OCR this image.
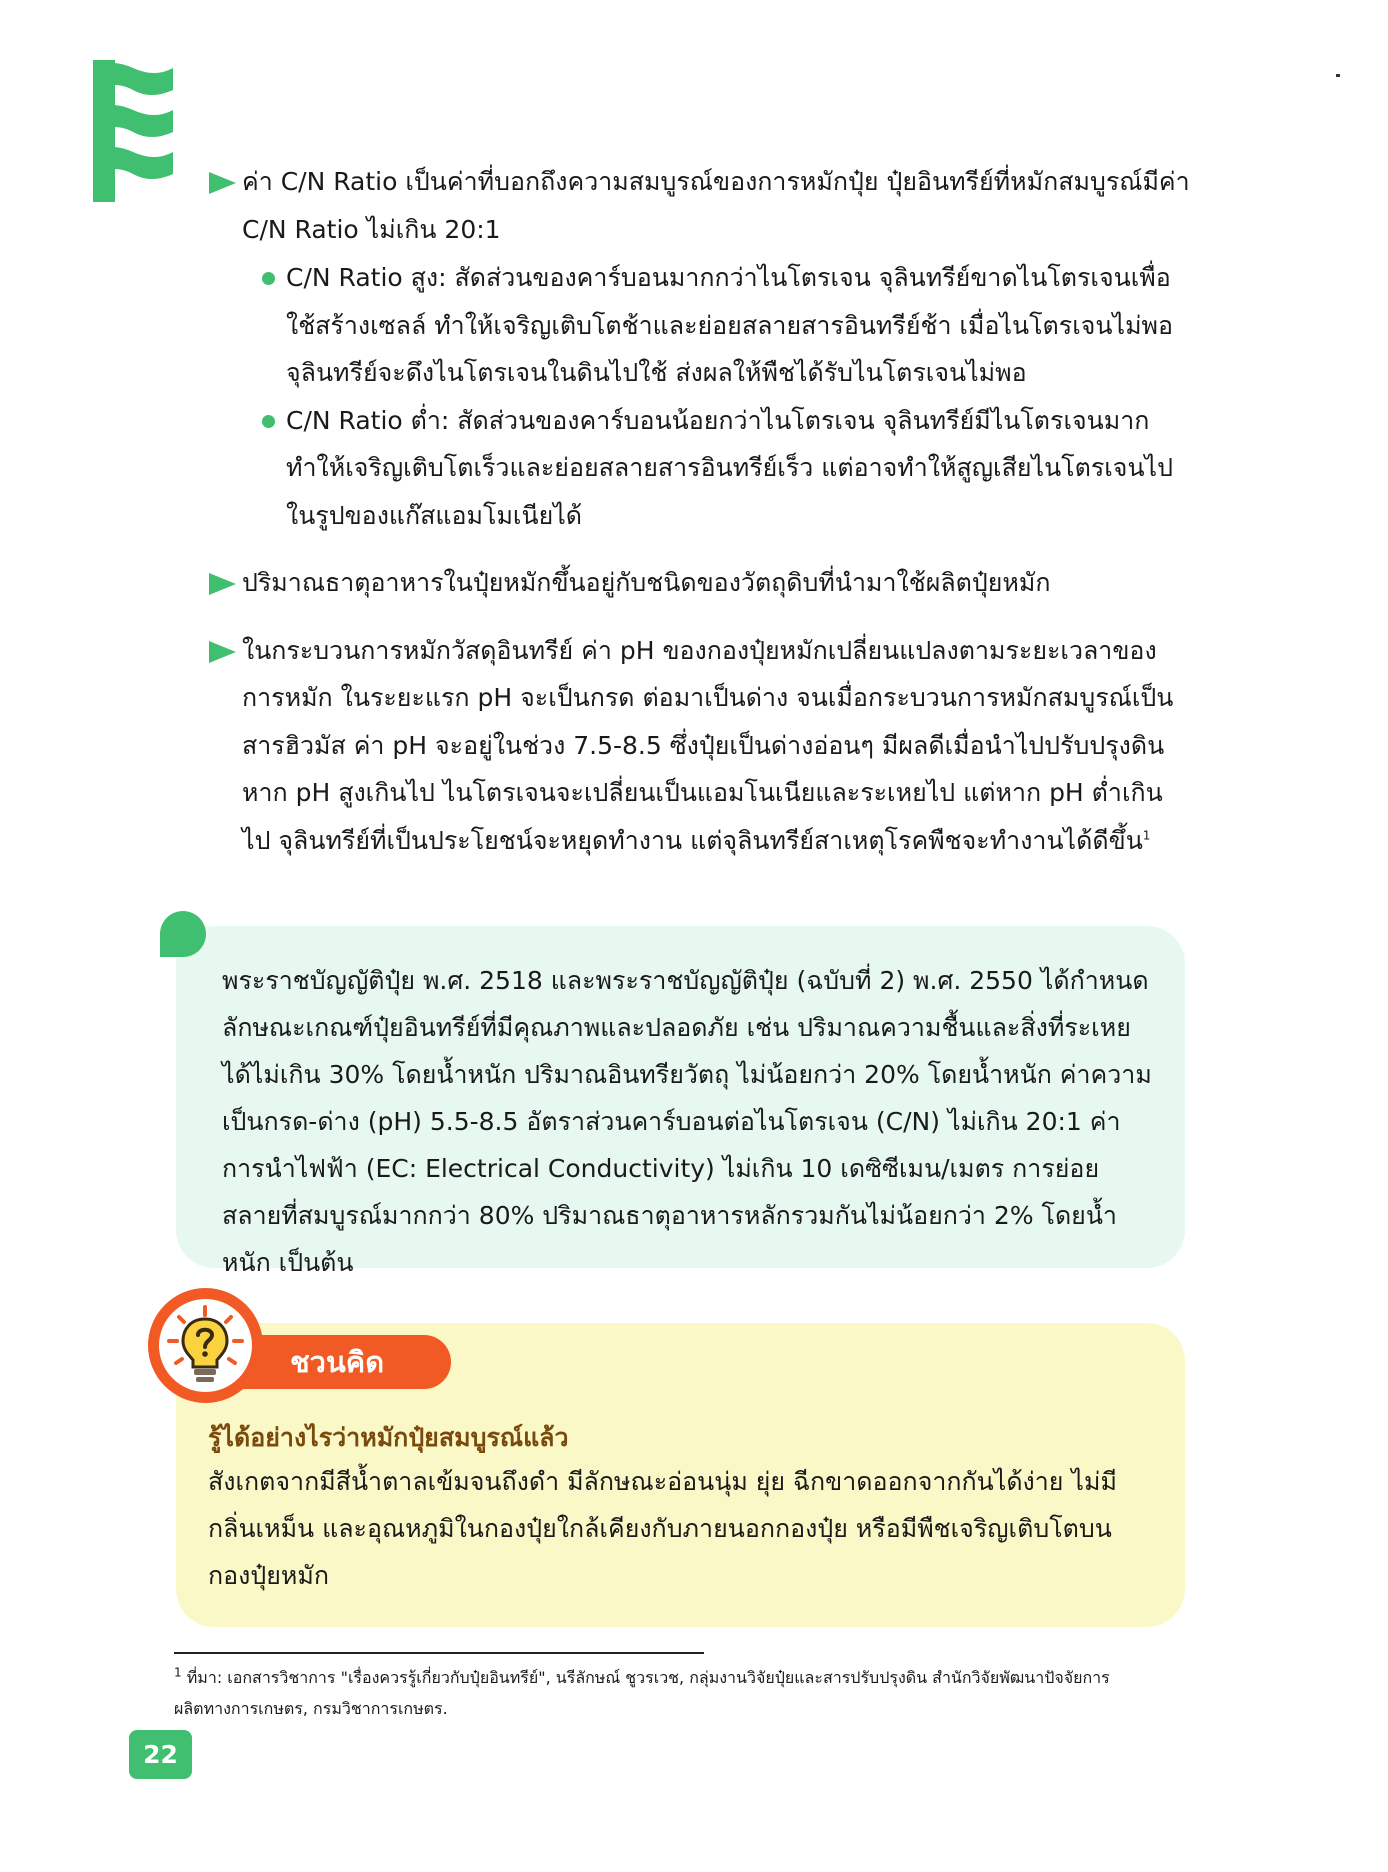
ค่า C/N Ratio เป็นค่าที่บอกถึงความสมบูรณ์ของการหมักปุ๋ย ปุ๋ยอินทรีย์ที่หมักสมบูรณ์มีค่า C/N Ratio ไม่เกิน 20:1

C/N Ratio สูง: สัดส่วนของคาร์บอนมากกว่าไนโตรเจน จุลินทรีย์ขาดไนโตรเจนเพื่อใช้สร้างเซลล์ ทำให้เจริญเติบโตช้าและย่อยสลายสารอินทรีย์ช้า เมื่อไนโตรเจนไม่พอ จุลินทรีย์จะดึงไนโตรเจนในดินไปใช้ ส่งผลให้พืชได้รับไนโตรเจนไม่พอ

C/N Ratio ต่ำ: สัดส่วนของคาร์บอนน้อยกว่าไนโตรเจน จุลินทรีย์มีไนโตรเจนมาก ทำให้เจริญเติบโตเร็วและย่อยสลายสารอินทรีย์เร็ว แต่อาจทำให้สูญเสียไนโตรเจนไปในรูปของแก๊สแอมโมเนียได้

ปริมาณธาตุอาหารในปุ๋ยหมักขึ้นอยู่กับชนิดของวัตถุดิบที่นำมาใช้ผลิตปุ๋ยหมัก

ในกระบวนการหมักวัสดุอินทรีย์ ค่า pH ของกองปุ๋ยหมักเปลี่ยนแปลงตามระยะเวลาของการหมัก ในระยะแรก pH จะเป็นกรด ต่อมาเป็นด่าง จนเมื่อกระบวนการหมักสมบูรณ์เป็นสารฮิวมัส ค่า pH จะอยู่ในช่วง 7.5-8.5 ซึ่งปุ๋ยเป็นด่างอ่อนๆ มีผลดีเมื่อนำไปปรับปรุงดิน หาก pH สูงเกินไป ไนโตรเจนจะเปลี่ยนเป็นแอมโนเนียและระเหยไป แต่หาก pH ต่ำเกินไป จุลินทรีย์ที่เป็นประโยชน์จะหยุดทำงาน แต่จุลินทรีย์สาเหตุโรคพืชจะทำงานได้ดีขึ้น$^1$

พระราชบัญญัติปุ๋ย พ.ศ. 2518 และพระราชบัญญัติปุ๋ย (ฉบับที่ 2) พ.ศ. 2550 ได้กำหนดลักษณะเกณฑ์ปุ๋ยอินทรีย์ที่มีคุณภาพและปลอดภัย เช่น ปริมาณความชื้นและสิ่งที่ระเหยได้ไม่เกิน 30% โดยน้ำหนัก ปริมาณอินทรียวัตถุ ไม่น้อยกว่า 20% โดยน้ำหนัก ค่าความเป็นกรด-ด่าง (pH) 5.5-8.5 อัตราส่วนคาร์บอนต่อไนโตรเจน (C/N) ไม่เกิน 20:1 ค่าการนำไฟฟ้า (EC: Electrical Conductivity) ไม่เกิน 10 เดซิซีเมน/เมตร การย่อยสลายที่สมบูรณ์มากกว่า 80% ปริมาณธาตุอาหารหลักรวมกันไม่น้อยกว่า 2% โดยน้ำหนัก เป็นต้น
ชวนคิด
รู้ได้อย่างไรว่าหมักปุ๋ยสมบูรณ์แล้ว
สังเกตจากมีสีน้ำตาลเข้มจนถึงดำ มีลักษณะอ่อนนุ่ม ยุ่ย ฉีกขาดออกจากกันได้ง่าย ไม่มีกลิ่นเหม็น และอุณหภูมิในกองปุ๋ยใกล้เคียงกับภายนอกกองปุ๋ย หรือมีพืชเจริญเติบโตบนกองปุ๋ยหมัก
$^1$ ที่มา: เอกสารวิชาการ "เรื่องควรรู้เกี่ยวกับปุ๋ยอินทรีย์", นรีลักษณ์ ชูวรเวช, กลุ่มงานวิจัยปุ๋ยและสารปรับปรุงดิน สำนักวิจัยพัฒนาปัจจัยการผลิตทางการเกษตร, กรมวิชาการเกษตร.
22
